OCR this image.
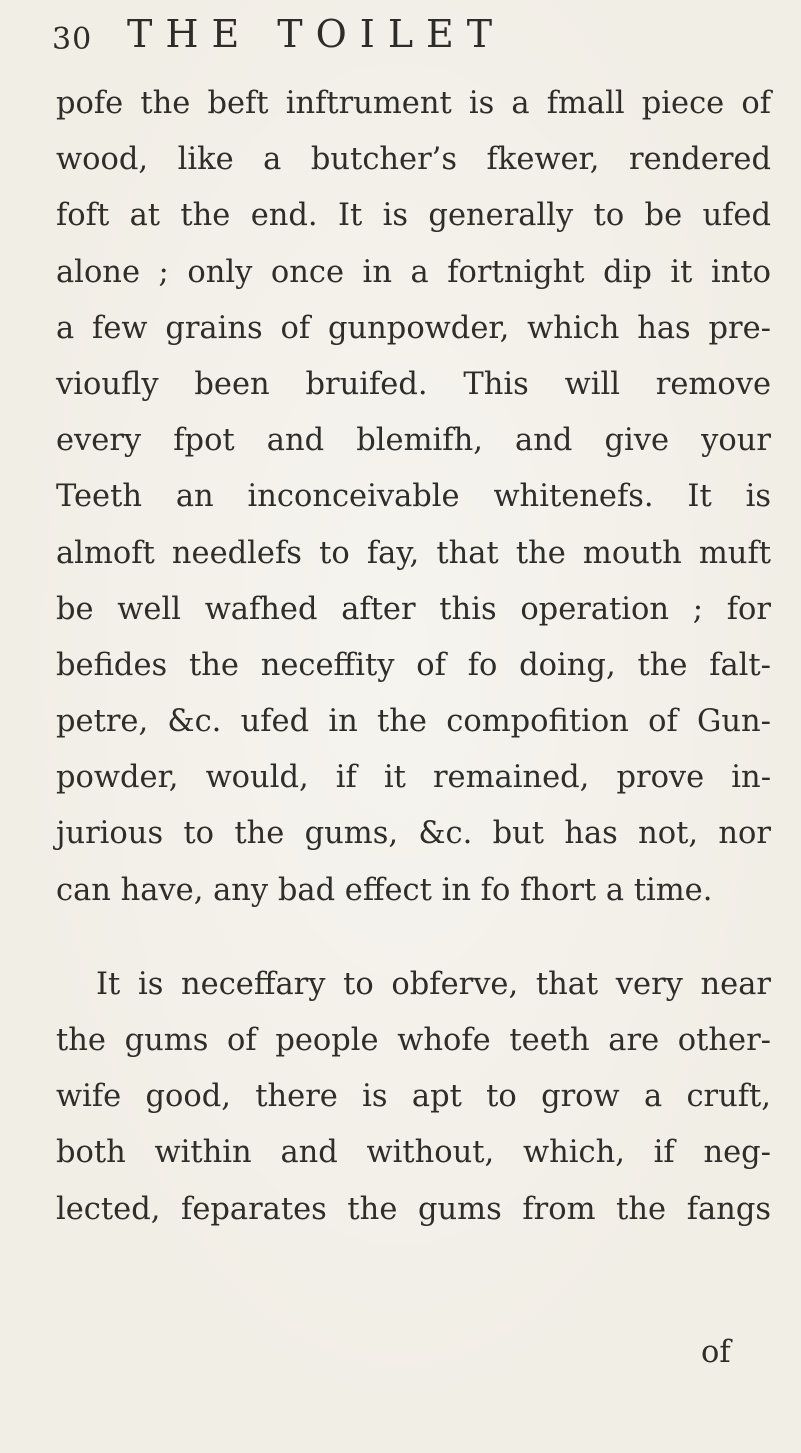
30 THE TOILET
pofe the beft inftrument is a fmall piece of
wood, like a butcher’s fkewer, rendered
foft at the end. It is generally to be ufed
alone ; only once in a fortnight dip it into
a few grains of gunpowder, which has pre-
vioufly been bruifed. This will remove
every fpot and blemifh, and give your
Teeth an inconceivable whitenefs. It is
almoft needlefs to fay, that the mouth muft
be well wafhed after this operation ; for
befides the neceffity of fo doing, the falt-
petre, &c. ufed in the compofition of Gun-
powder, would, if it remained, prove in-
jurious to the gums, &c. but has not, nor
can have, any bad effect in fo fhort a time.
It is neceffary to obferve, that very near
the gums of people whofe teeth are other-
wife good, there is apt to grow a cruft,
both within and without, which, if neg-
lected, feparates the gums from the fangs
of
